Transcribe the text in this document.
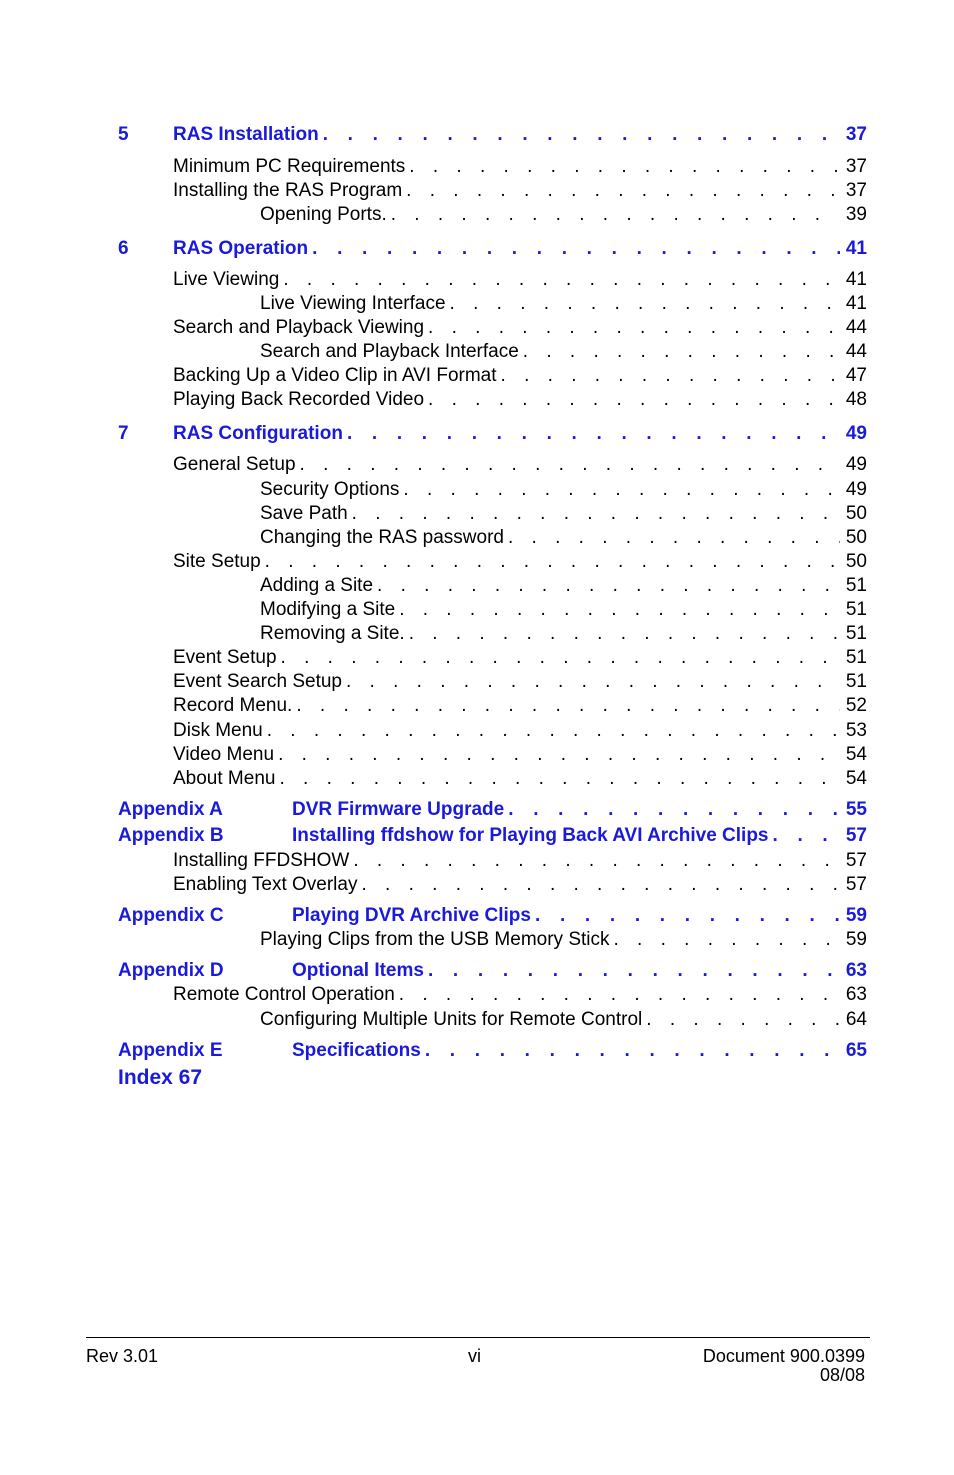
5 RAS Installation . . .	37
Minimum PC Requirements . . .	37
Installing the RAS Program . . .	37
Opening Ports. . . .	39
6 RAS Operation . . .	41
Live Viewing . . .	41
Live Viewing Interface . . .	41
Search and Playback Viewing . . .	44
Search and Playback Interface . . .	44
Backing Up a Video Clip in AVI Format . . .	47
Playing Back Recorded Video . . .	48
7 RAS Configuration . . .	49
General Setup . . .	49
Security Options . . .	49
Save Path . . .	50
Changing the RAS password . . .	50
Site Setup . . .	50
Adding a Site . . .	51
Modifying a Site . . .	51
Removing a Site. . . .	51
Event Setup . . .	51
Event Search Setup . . .	51
Record Menu. . . .	52
Disk Menu . . .	53
Video Menu . . .	54
About Menu . . .	54
Appendix A	DVR Firmware Upgrade . . .	55
Appendix B	Installing ffdshow for Playing Back AVI Archive Clips . . .	57
Installing FFDSHOW . . .	57
Enabling Text Overlay . . .	57
Appendix C	Playing DVR Archive Clips . . .	59
Playing Clips from the USB Memory Stick . . .	59
Appendix D	Optional Items . . .	63
Remote Control Operation . . .	63
Configuring Multiple Units for Remote Control . . .	64
Appendix E	Specifications . . .	65
Index 67
Rev 3.01	vi	Document 900.0399
08/08
